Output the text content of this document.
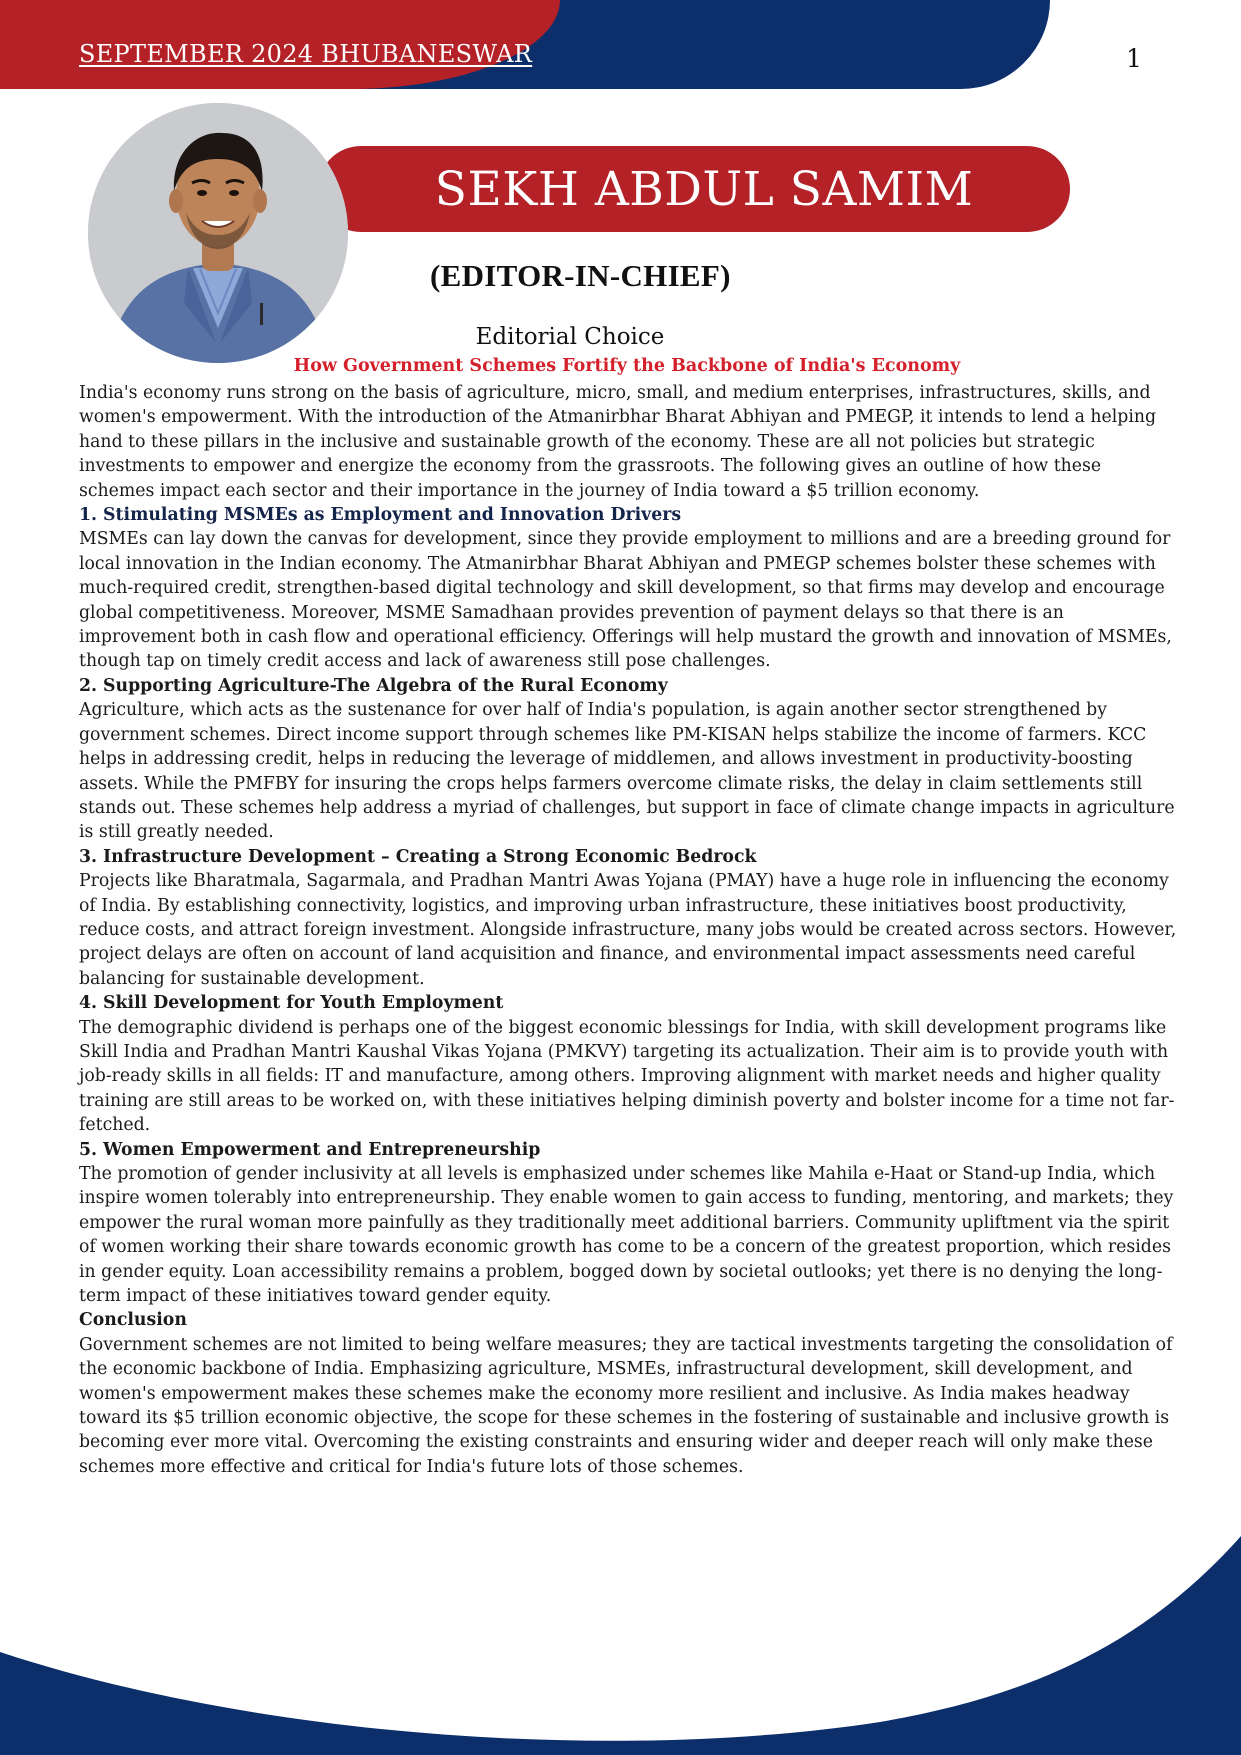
SEPTEMBER 2024 BHUBANESWAR	1
SEKH ABDUL SAMIM
(EDITOR-IN-CHIEF)
Editorial Choice
How Government Schemes Fortify the Backbone of India's Economy

India's economy runs strong on the basis of agriculture, micro, small, and medium enterprises, infrastructures, skills, and women's empowerment. With the introduction of the Atmanirbhar Bharat Abhiyan and PMEGP, it intends to lend a helping hand to these pillars in the inclusive and sustainable growth of the economy. These are all not policies but strategic investments to empower and energize the economy from the grassroots. The following gives an outline of how these schemes impact each sector and their importance in the journey of India toward a $5 trillion economy.

1. Stimulating MSMEs as Employment and Innovation Drivers

MSMEs can lay down the canvas for development, since they provide employment to millions and are a breeding ground for local innovation in the Indian economy. The Atmanirbhar Bharat Abhiyan and PMEGP schemes bolster these schemes with much-required credit, strengthen-based digital technology and skill development, so that firms may develop and encourage global competitiveness. Moreover, MSME Samadhaan provides prevention of payment delays so that there is an improvement both in cash flow and operational efficiency. Offerings will help mustard the growth and innovation of MSMEs, though tap on timely credit access and lack of awareness still pose challenges.

2. Supporting Agriculture-The Algebra of the Rural Economy

Agriculture, which acts as the sustenance for over half of India's population, is again another sector strengthened by government schemes. Direct income support through schemes like PM-KISAN helps stabilize the income of farmers. KCC helps in addressing credit, helps in reducing the leverage of middlemen, and allows investment in productivity-boosting assets. While the PMFBY for insuring the crops helps farmers overcome climate risks, the delay in claim settlements still stands out. These schemes help address a myriad of challenges, but support in face of climate change impacts in agriculture is still greatly needed.

3. Infrastructure Development – Creating a Strong Economic Bedrock

Projects like Bharatmala, Sagarmala, and Pradhan Mantri Awas Yojana (PMAY) have a huge role in influencing the economy of India. By establishing connectivity, logistics, and improving urban infrastructure, these initiatives boost productivity, reduce costs, and attract foreign investment. Alongside infrastructure, many jobs would be created across sectors. However, project delays are often on account of land acquisition and finance, and environmental impact assessments need careful balancing for sustainable development.

4. Skill Development for Youth Employment

The demographic dividend is perhaps one of the biggest economic blessings for India, with skill development programs like Skill India and Pradhan Mantri Kaushal Vikas Yojana (PMKVY) targeting its actualization. Their aim is to provide youth with job-ready skills in all fields: IT and manufacture, among others. Improving alignment with market needs and higher quality training are still areas to be worked on, with these initiatives helping diminish poverty and bolster income for a time not far-fetched.

5. Women Empowerment and Entrepreneurship

The promotion of gender inclusivity at all levels is emphasized under schemes like Mahila e-Haat or Stand-up India, which inspire women tolerably into entrepreneurship. They enable women to gain access to funding, mentoring, and markets; they empower the rural woman more painfully as they traditionally meet additional barriers. Community upliftment via the spirit of women working their share towards economic growth has come to be a concern of the greatest proportion, which resides in gender equity. Loan accessibility remains a problem, bogged down by societal outlooks; yet there is no denying the long-term impact of these initiatives toward gender equity.

Conclusion

Government schemes are not limited to being welfare measures; they are tactical investments targeting the consolidation of the economic backbone of India. Emphasizing agriculture, MSMEs, infrastructural development, skill development, and women's empowerment makes these schemes make the economy more resilient and inclusive. As India makes headway toward its $5 trillion economic objective, the scope for these schemes in the fostering of sustainable and inclusive growth is becoming ever more vital. Overcoming the existing constraints and ensuring wider and deeper reach will only make these schemes more effective and critical for India's future lots of those schemes.
